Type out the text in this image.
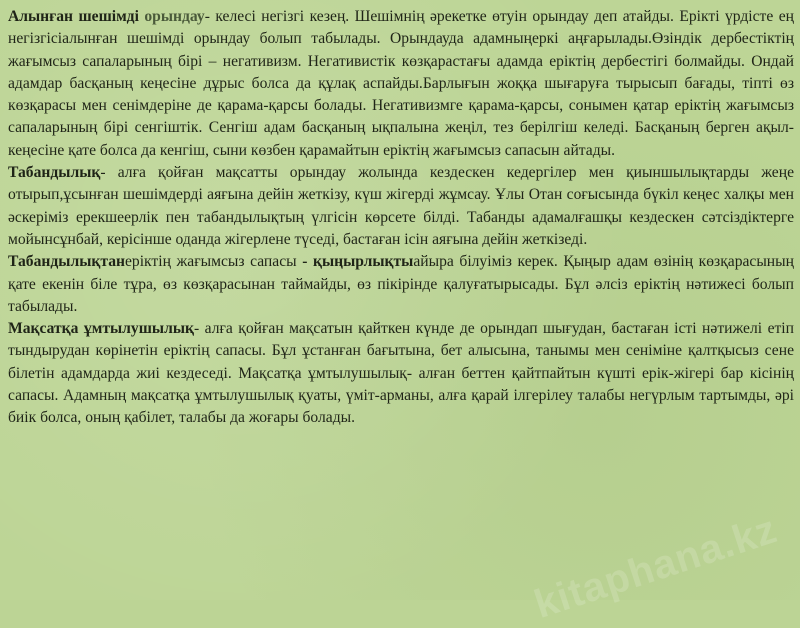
Алынған шешімді орындау- келесі негізгі кезең. Шешімнің әрекетке өтуін орындау деп атайды. Ерікті үрдісте ең негізгісіалынған шешімді орындау болып табылады. Орындауда адамныңеркі аңғарылады.Өзіндік дербестіктің жағымсыз сапаларының бірі – негативизм. Негативистік көзқарастағы адамда еріктің дербестігі болмайды. Ондай адамдар басқаның кеңесіне дұрыс болса да құлақ аспайды.Барлығын жоққа шығаруға тырысып бағады, тіпті өз көзқарасы мен сенімдеріне де қарама-қарсы болады. Негативизмге қарама-қарсы, сонымен қатар еріктің жағымсыз сапаларының бірі сенгіштік. Сенгіш адам басқаның ықпалына жеңіл, тез берілгіш келеді. Басқаның берген ақыл-кеңесіне қате болса да кенгіш, сыни көзбен қарамайтын еріктің жағымсыз сапасын айтады.

Табандылық- алға қойған мақсатты орындау жолында кездескен кедергілер мен қиыншылықтарды жеңе отырып,ұсынған шешімдерді аяғына дейін жеткізу, күш жігерді жұмсау. Ұлы Отан соғысында бүкіл кеңес халқы мен әскеріміз ерекшеерлік пен табандылықтың үлгісін көрсете білді. Табанды адамалғашқы кездескен сәтсіздіктерге мойынсұнбай, керісінше оданда жігерлене түседі, бастаған ісін аяғына дейін жеткізеді.

Табандылықтанеріктің жағымсыз сапасы - қыңырлықтыайыра білуіміз керек. Қыңыр адам өзінің көзқарасының қате екенін біле тұра, өз көзқарасынан таймайды, өз пікірінде қалуғатырысады. Бұл әлсіз еріктің нәтижесі болып табылады.

Мақсатқа ұмтылушылық- алға қойған мақсатын қайткен күнде де орындап шығудан, бастаған істі нәтижелі етіп тындырудан көрінетін еріктің сапасы. Бұл ұстанған бағытына, бет алысына, танымы мен сеніміне қалтқысыз сене білетін адамдарда жиі кездеседі. Мақсатқа ұмтылушылық- алған беттен қайтпайтын күшті ерік-жігері бар кісінің сапасы. Адамның мақсатқа ұмтылушылық қуаты, үміт-арманы, алға қарай ілгерілеу талабы негүрлым тартымды, әрі биік болса, оның қабілет, талабы да жоғары болады.

kitaphana.kz
